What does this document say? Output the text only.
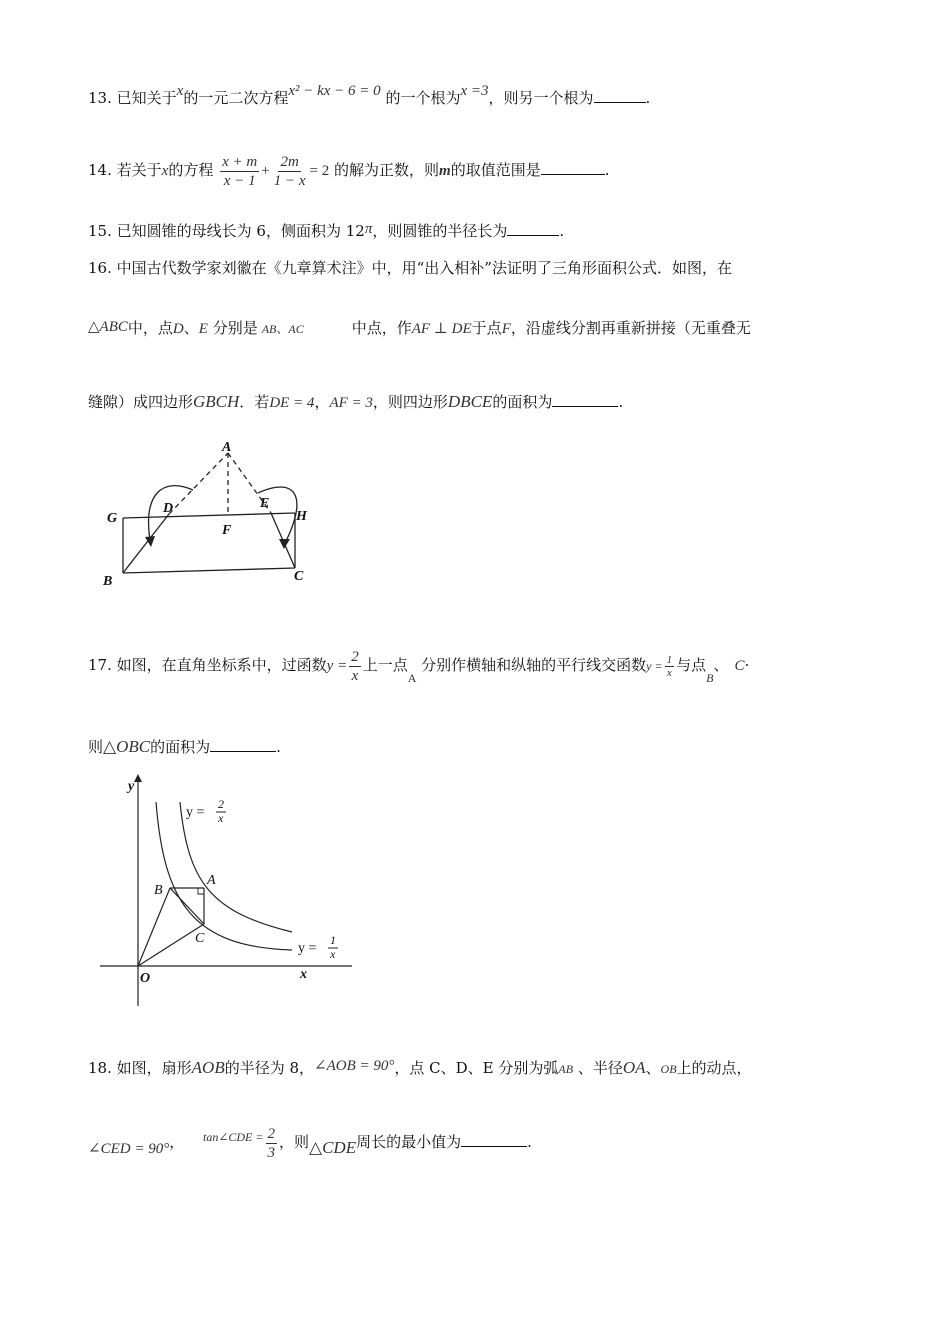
13. 已知关于x的一元二次方程x² − kx − 6 = 0 的一个根为x =3，则另一个根为	.
14. 若关于x的方程 $\frac{x + m}{x - 1} + \frac{2m}{1 - x} = 2$ 的解为正数，则m的取值范围是	.
15. 已知圆锥的母线长为 6，侧面积为 12π，则圆锥的半径长为	.
16. 中国古代数学家刘徽在《九章算术注》中，用“出入相补”法证明了三角形面积公式．如图，在
△ABC中，点D、E 分别是 AB、AC	中点，作AF ⊥ DE于点F，沿虚线分割再重新拼接（无重叠无
缝隙）成四边形GBCH．若DE = 4，AF = 3，则四边形DBCE的面积为	.
A
G
D	E
H
F
B	C
17. 如图，在直角坐标系中，过函数$y = \frac{2}{x}$ 上一点$_A$ 分别作横轴和纵轴的平行线交函数$y = \frac{1}{x}$ 与点$_B$、 C·
则△OBC的面积为	.
y
x
O
B
A
C
y =
2
x
y =
1
x
18. 如图，扇形AOB的半径为 8，∠AOB = 90°，点 C、D、E 分别为弧AB 、半径OA、OB上的动点，
∠CED = 90°， $^{tan\angle CDE =} \frac{2}{3}$ ，则△CDE周长的最小值为	.
